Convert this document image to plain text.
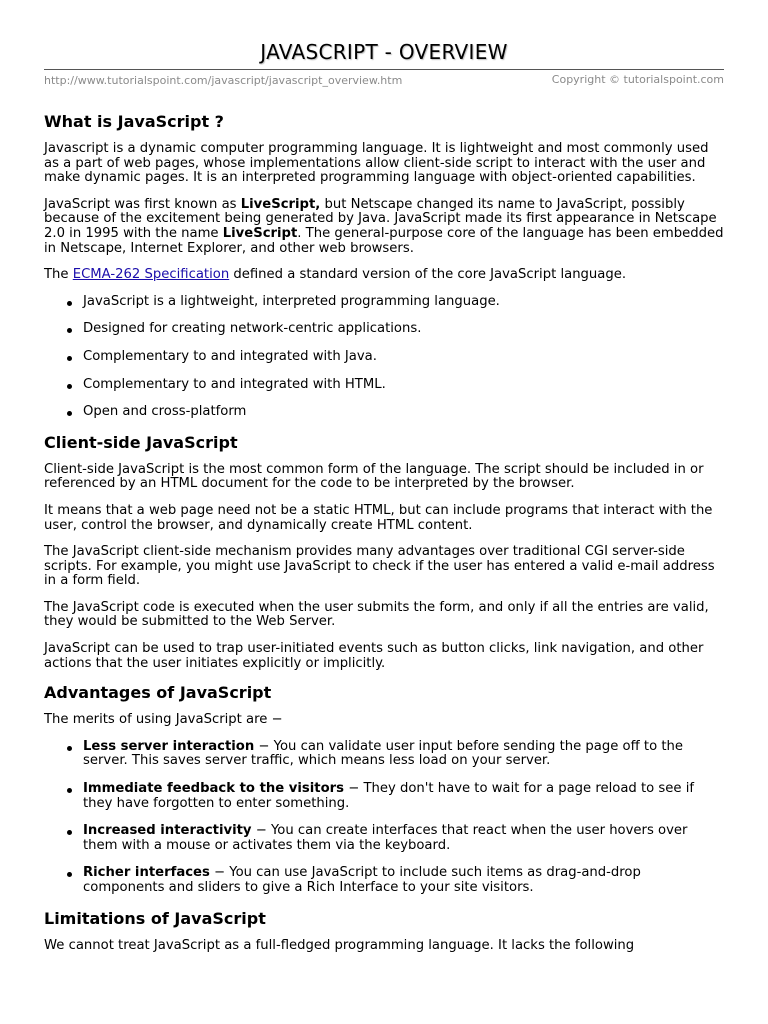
JAVASCRIPT - OVERVIEW
http://www.tutorialspoint.com/javascript/javascript_overview.htm	Copyright © tutorialspoint.com
What is JavaScript ?

Javascript is a dynamic computer programming language. It is lightweight and most commonly used as a part of web pages, whose implementations allow client-side script to interact with the user and make dynamic pages. It is an interpreted programming language with object-oriented capabilities.

JavaScript was first known as LiveScript, but Netscape changed its name to JavaScript, possibly because of the excitement being generated by Java. JavaScript made its first appearance in Netscape 2.0 in 1995 with the name LiveScript. The general-purpose core of the language has been embedded in Netscape, Internet Explorer, and other web browsers.

The ECMA-262 Specification defined a standard version of the core JavaScript language.

JavaScript is a lightweight, interpreted programming language.
Designed for creating network-centric applications.
Complementary to and integrated with Java.
Complementary to and integrated with HTML.
Open and cross-platform
Client-side JavaScript

Client-side JavaScript is the most common form of the language. The script should be included in or referenced by an HTML document for the code to be interpreted by the browser.

It means that a web page need not be a static HTML, but can include programs that interact with the user, control the browser, and dynamically create HTML content.

The JavaScript client-side mechanism provides many advantages over traditional CGI server-side scripts. For example, you might use JavaScript to check if the user has entered a valid e-mail address in a form field.

The JavaScript code is executed when the user submits the form, and only if all the entries are valid, they would be submitted to the Web Server.

JavaScript can be used to trap user-initiated events such as button clicks, link navigation, and other actions that the user initiates explicitly or implicitly.

Advantages of JavaScript

The merits of using JavaScript are −

Less server interaction − You can validate user input before sending the page off to the server. This saves server traffic, which means less load on your server.
Immediate feedback to the visitors − They don't have to wait for a page reload to see if they have forgotten to enter something.
Increased interactivity − You can create interfaces that react when the user hovers over them with a mouse or activates them via the keyboard.
Richer interfaces − You can use JavaScript to include such items as drag-and-drop components and sliders to give a Rich Interface to your site visitors.
Limitations of JavaScript

We cannot treat JavaScript as a full-fledged programming language. It lacks the following
